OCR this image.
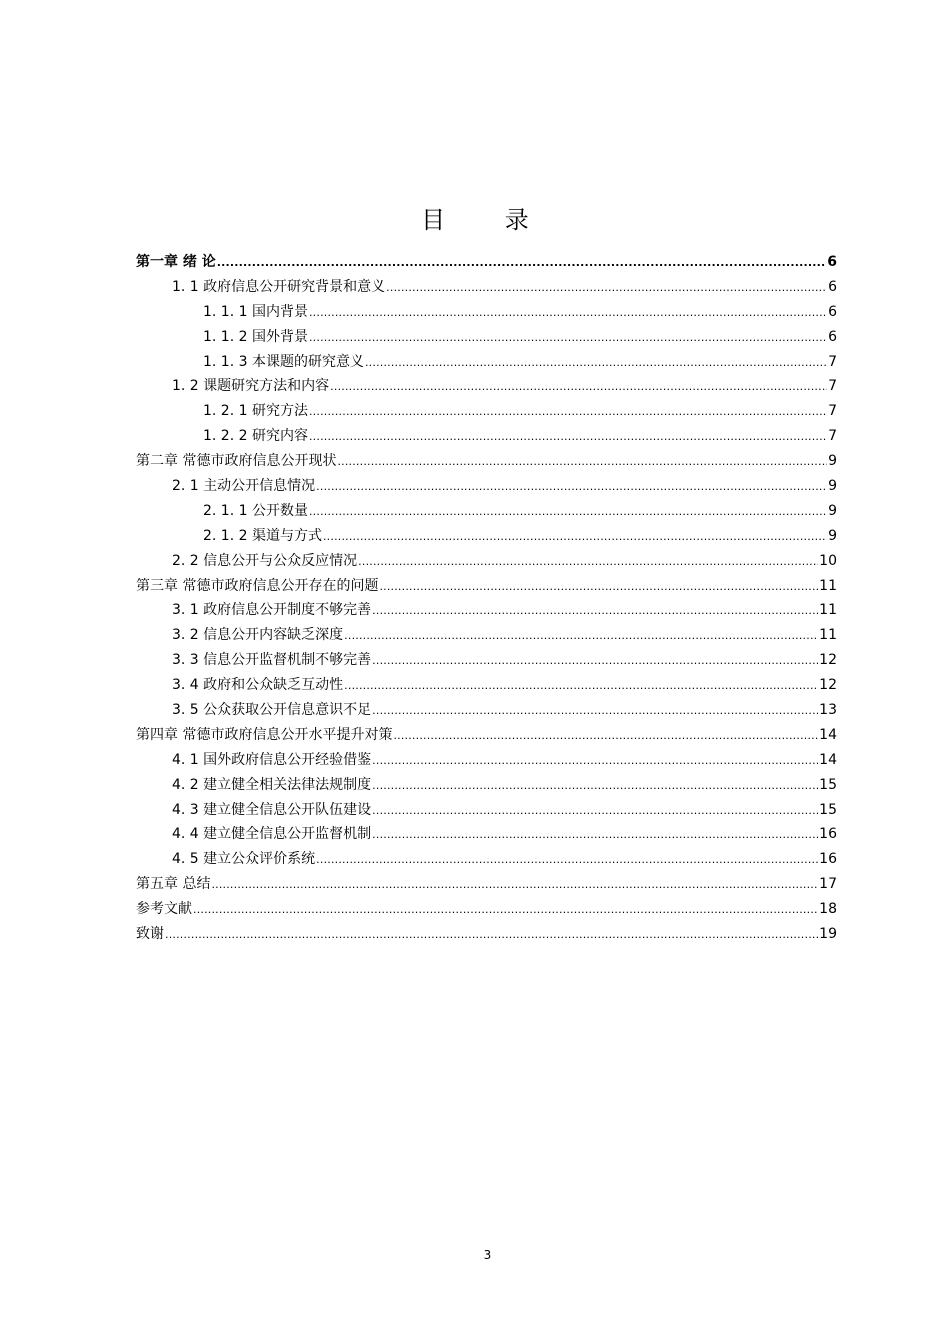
目 录
第一章 绪 论 .....	6
1. 1 政府信息公开研究背景和意义 .....	6
1. 1. 1 国内背景 .....	6
1. 1. 2 国外背景 .....	6
1. 1. 3 本课题的研究意义 .....	7
1. 2 课题研究方法和内容 .....	7
1. 2. 1 研究方法 .....	7
1. 2. 2 研究内容 .....	7
第二章 常德市政府信息公开现状 .....	9
2. 1 主动公开信息情况 .....	9
2. 1. 1 公开数量 .....	9
2. 1. 2 渠道与方式 .....	9
2. 2 信息公开与公众反应情况 .....	10
第三章 常德市政府信息公开存在的问题 .....	11
3. 1 政府信息公开制度不够完善 .....	11
3. 2 信息公开内容缺乏深度 .....	11
3. 3 信息公开监督机制不够完善 .....	12
3. 4 政府和公众缺乏互动性 .....	12
3. 5 公众获取公开信息意识不足 .....	13
第四章 常德市政府信息公开水平提升对策 .....	14
4. 1 国外政府信息公开经验借鉴 .....	14
4. 2 建立健全相关法律法规制度 .....	15
4. 3 建立健全信息公开队伍建设 .....	15
4. 4 建立健全信息公开监督机制 .....	16
4. 5 建立公众评价系统 .....	16
第五章 总结 .....	17
参考文献 .....	18
致谢 .....	19
3
